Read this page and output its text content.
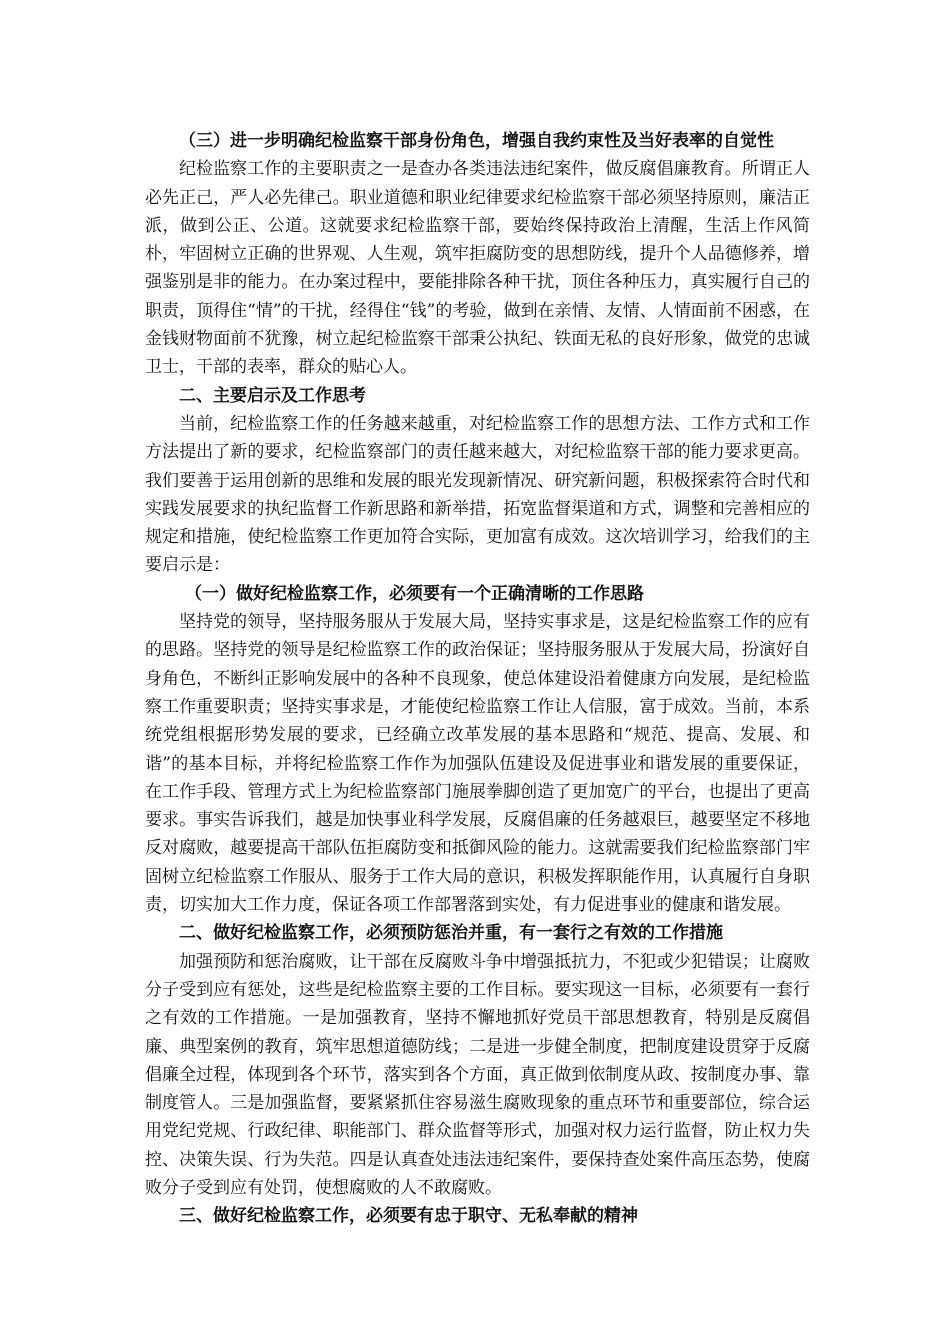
（三）进一步明确纪检监察干部身份角色，增强自我约束性及当好表率的自觉性

纪检监察工作的主要职责之一是查办各类违法违纪案件，做反腐倡廉教育。所谓正人必先正己，严人必先律己。职业道德和职业纪律要求纪检监察干部必须坚持原则，廉洁正派，做到公正、公道。这就要求纪检监察干部，要始终保持政治上清醒，生活上作风简朴，牢固树立正确的世界观、人生观，筑牢拒腐防变的思想防线，提升个人品德修养，增强鉴别是非的能力。在办案过程中，要能排除各种干扰，顶住各种压力，真实履行自己的职责，顶得住“情”的干扰，经得住“钱”的考验，做到在亲情、友情、人情面前不困惑，在金钱财物面前不犹豫，树立起纪检监察干部秉公执纪、铁面无私的良好形象，做党的忠诚卫士，干部的表率，群众的贴心人。

二、主要启示及工作思考

当前，纪检监察工作的任务越来越重，对纪检监察工作的思想方法、工作方式和工作方法提出了新的要求，纪检监察部门的责任越来越大，对纪检监察干部的能力要求更高。我们要善于运用创新的思维和发展的眼光发现新情况、研究新问题，积极探索符合时代和实践发展要求的执纪监督工作新思路和新举措，拓宽监督渠道和方式，调整和完善相应的规定和措施，使纪检监察工作更加符合实际，更加富有成效。这次培训学习，给我们的主要启示是：

（一）做好纪检监察工作，必须要有一个正确清晰的工作思路

坚持党的领导，坚持服务服从于发展大局，坚持实事求是，这是纪检监察工作的应有的思路。坚持党的领导是纪检监察工作的政治保证；坚持服务服从于发展大局，扮演好自身角色，不断纠正影响发展中的各种不良现象，使总体建设沿着健康方向发展，是纪检监察工作重要职责；坚持实事求是，才能使纪检监察工作让人信服，富于成效。当前，本系统党组根据形势发展的要求，已经确立改革发展的基本思路和“规范、提高、发展、和谐”的基本目标，并将纪检监察工作作为加强队伍建设及促进事业和谐发展的重要保证，在工作手段、管理方式上为纪检监察部门施展拳脚创造了更加宽广的平台，也提出了更高要求。事实告诉我们，越是加快事业科学发展，反腐倡廉的任务越艰巨，越要坚定不移地反对腐败，越要提高干部队伍拒腐防变和抵御风险的能力。这就需要我们纪检监察部门牢固树立纪检监察工作服从、服务于工作大局的意识，积极发挥职能作用，认真履行自身职责，切实加大工作力度，保证各项工作部署落到实处，有力促进事业的健康和谐发展。

二、做好纪检监察工作，必须预防惩治并重，有一套行之有效的工作措施

加强预防和惩治腐败，让干部在反腐败斗争中增强抵抗力，不犯或少犯错误；让腐败分子受到应有惩处，这些是纪检监察主要的工作目标。要实现这一目标，必须要有一套行之有效的工作措施。一是加强教育，坚持不懈地抓好党员干部思想教育，特别是反腐倡廉、典型案例的教育，筑牢思想道德防线；二是进一步健全制度，把制度建设贯穿于反腐倡廉全过程，体现到各个环节，落实到各个方面，真正做到依制度从政、按制度办事、靠制度管人。三是加强监督，要紧紧抓住容易滋生腐败现象的重点环节和重要部位，综合运用党纪党规、行政纪律、职能部门、群众监督等形式，加强对权力运行监督，防止权力失控、决策失误、行为失范。四是认真查处违法违纪案件，要保持查处案件高压态势，使腐败分子受到应有处罚，使想腐败的人不敢腐败。

三、做好纪检监察工作，必须要有忠于职守、无私奉献的精神
